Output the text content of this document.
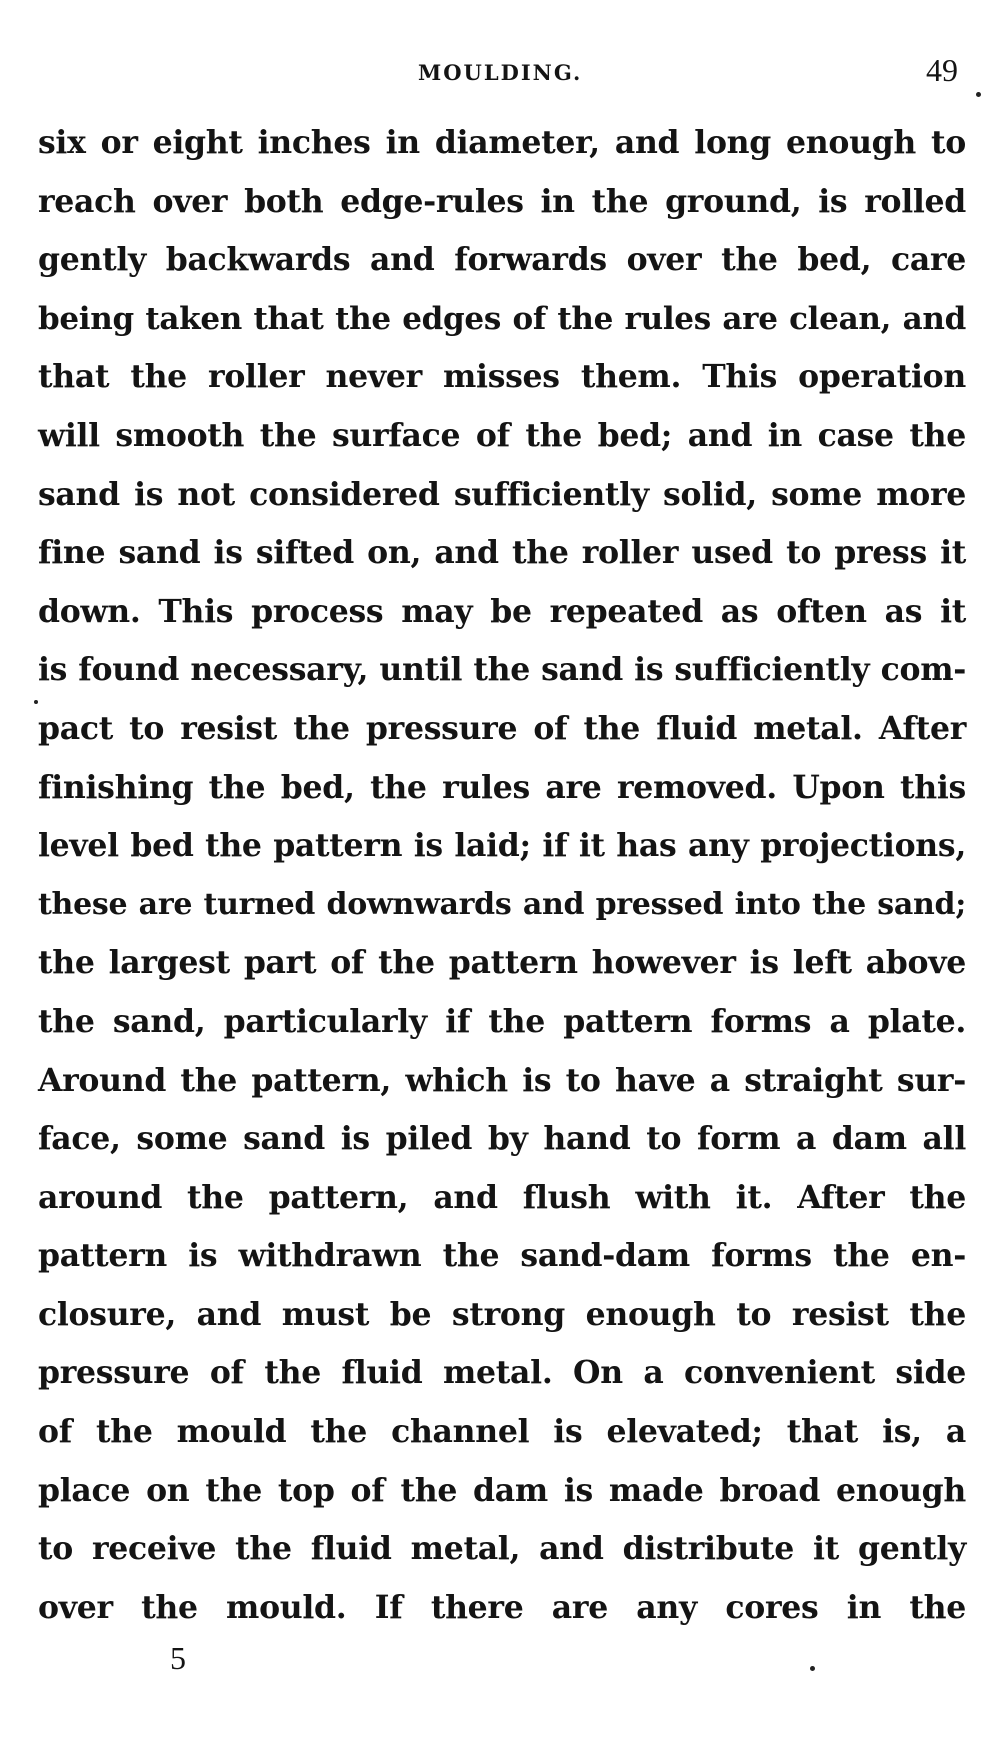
MOULDING.	49
six or eight inches in diameter, and long enough to
reach over both edge-rules in the ground, is rolled
gently backwards and forwards over the bed, care
being taken that the edges of the rules are clean, and
that the roller never misses them. This operation
will smooth the surface of the bed; and in case the
sand is not considered sufficiently solid, some more
fine sand is sifted on, and the roller used to press it
down. This process may be repeated as often as it
is found necessary, until the sand is sufficiently com-
pact to resist the pressure of the fluid metal. After
finishing the bed, the rules are removed. Upon this
level bed the pattern is laid; if it has any projections,
these are turned downwards and pressed into the sand;
the largest part of the pattern however is left above
the sand, particularly if the pattern forms a plate.
Around the pattern, which is to have a straight sur-
face, some sand is piled by hand to form a dam all
around the pattern, and flush with it. After the
pattern is withdrawn the sand-dam forms the en-
closure, and must be strong enough to resist the
pressure of the fluid metal. On a convenient side
of the mould the channel is elevated; that is, a
place on the top of the dam is made broad enough
to receive the fluid metal, and distribute it gently
over the mould. If there are any cores in the
5
